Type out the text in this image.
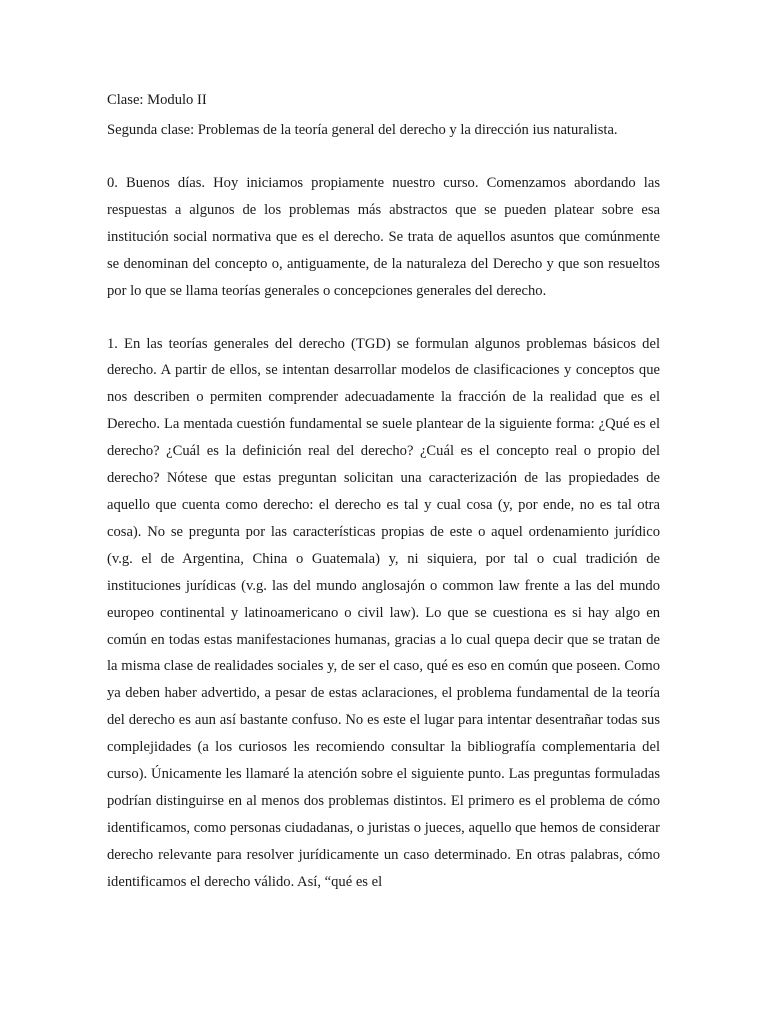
Clase: Modulo II

Segunda clase: Problemas de la teoría general del derecho y la dirección ius naturalista.

0. Buenos días. Hoy iniciamos propiamente nuestro curso. Comenzamos abordando las respuestas a algunos de los problemas más abstractos que se pueden platear sobre esa institución social normativa que es el derecho. Se trata de aquellos asuntos que comúnmente se denominan del concepto o, antiguamente, de la naturaleza del Derecho y que son resueltos por lo que se llama teorías generales o concepciones generales del derecho.

1. En las teorías generales del derecho (TGD) se formulan algunos problemas básicos del derecho. A partir de ellos, se intentan desarrollar modelos de clasificaciones y conceptos que nos describen o permiten comprender adecuadamente la fracción de la realidad que es el Derecho. La mentada cuestión fundamental se suele plantear de la siguiente forma: ¿Qué es el derecho? ¿Cuál es la definición real del derecho? ¿Cuál es el concepto real o propio del derecho? Nótese que estas preguntan solicitan una caracterización de las propiedades de aquello que cuenta como derecho: el derecho es tal y cual cosa (y, por ende, no es tal otra cosa). No se pregunta por las características propias de este o aquel ordenamiento jurídico (v.g. el de Argentina, China o Guatemala) y, ni siquiera, por tal o cual tradición de instituciones jurídicas (v.g. las del mundo anglosajón o common law frente a las del mundo europeo continental y latinoamericano o civil law). Lo que se cuestiona es si hay algo en común en todas estas manifestaciones humanas, gracias a lo cual quepa decir que se tratan de la misma clase de realidades sociales y, de ser el caso, qué es eso en común que poseen. Como ya deben haber advertido, a pesar de estas aclaraciones, el problema fundamental de la teoría del derecho es aun así bastante confuso. No es este el lugar para intentar desentrañar todas sus complejidades (a los curiosos les recomiendo consultar la bibliografía complementaria del curso). Únicamente les llamaré la atención sobre el siguiente punto. Las preguntas formuladas podrían distinguirse en al menos dos problemas distintos. El primero es el problema de cómo identificamos, como personas ciudadanas, o juristas o jueces, aquello que hemos de considerar derecho relevante para resolver jurídicamente un caso determinado. En otras palabras, cómo identificamos el derecho válido. Así, “qué es el
